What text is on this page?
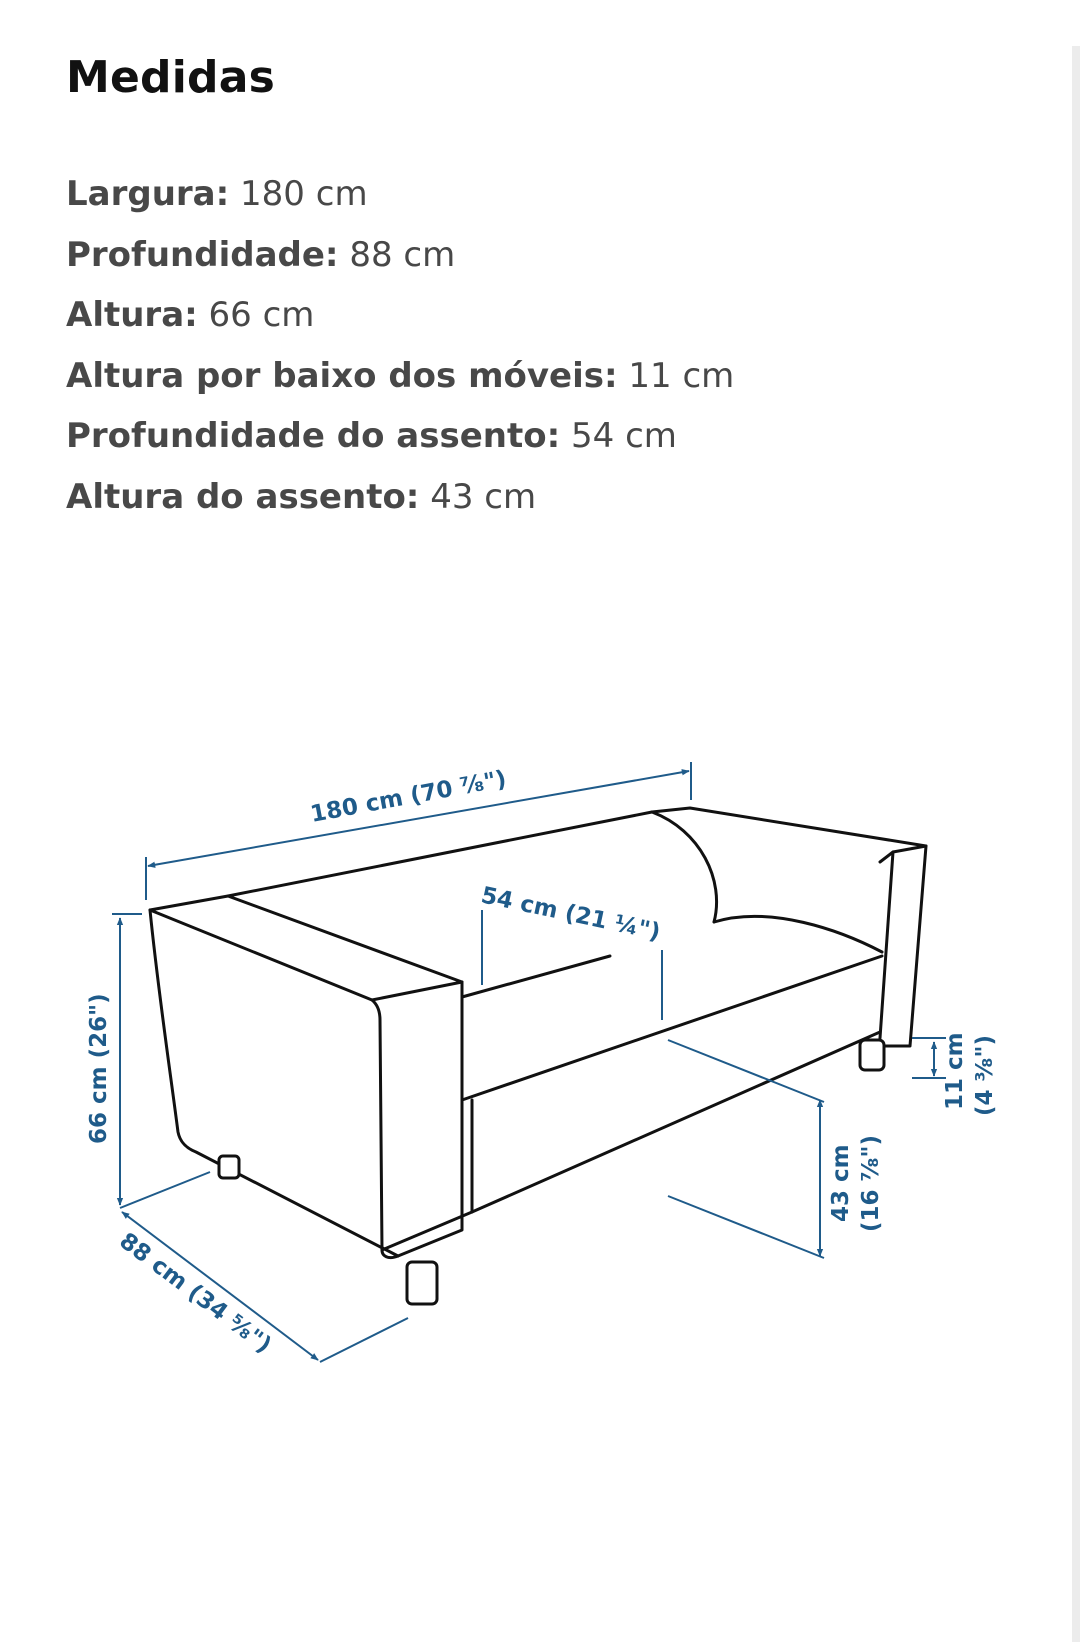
Medidas
Largura: 180 cm
Profundidade: 88 cm
Altura: 66 cm
Altura por baixo dos móveis: 11 cm
Profundidade do assento: 54 cm
Altura do assento: 43 cm
180 cm (70 ⁷⁄₈")
54 cm (21 ¼")
66 cm (26")
88 cm (34 ⁵⁄₈")
43 cm (16 ⁷⁄₈")
11 cm (4 ³⁄₈")
